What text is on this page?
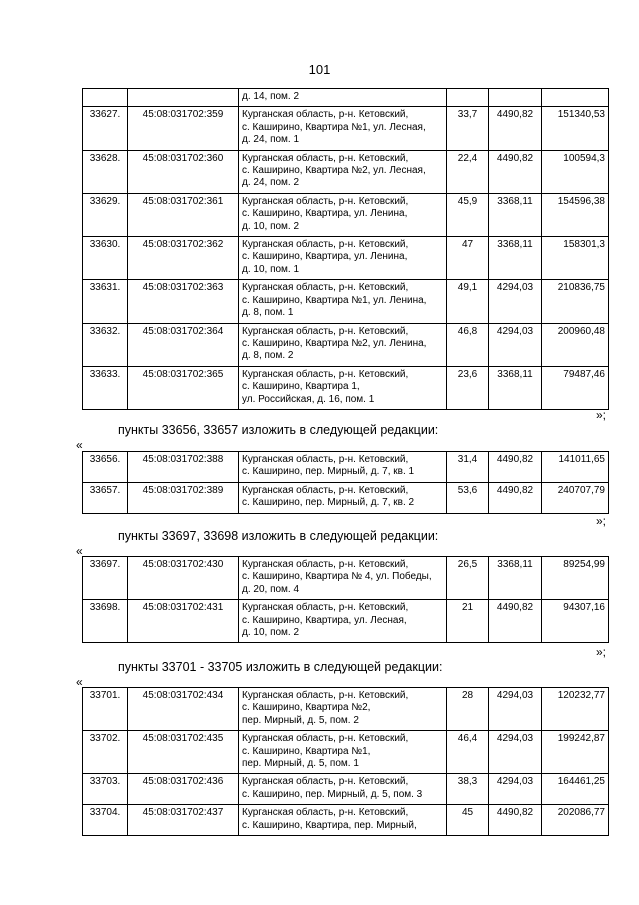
101
		д. 14, пом. 2			
33627.	45:08:031702:359	Курганская область, р-н. Кетовский,
с. Каширино, Квартира №1, ул. Лесная,
д. 24, пом. 1	33,7	4490,82	151340,53
33628.	45:08:031702:360	Курганская область, р-н. Кетовский,
с. Каширино, Квартира №2, ул. Лесная,
д. 24, пом. 2	22,4	4490,82	100594,3
33629.	45:08:031702:361	Курганская область, р-н. Кетовский,
с. Каширино, Квартира, ул. Ленина,
д. 10, пом. 2	45,9	3368,11	154596,38
33630.	45:08:031702:362	Курганская область, р-н. Кетовский,
с. Каширино, Квартира, ул. Ленина,
д. 10, пом. 1	47	3368,11	158301,3
33631.	45:08:031702:363	Курганская область, р-н. Кетовский,
с. Каширино, Квартира №1, ул. Ленина,
д. 8, пом. 1	49,1	4294,03	210836,75
33632.	45:08:031702:364	Курганская область, р-н. Кетовский,
с. Каширино, Квартира №2, ул. Ленина,
д. 8, пом. 2	46,8	4294,03	200960,48
33633.	45:08:031702:365	Курганская область, р-н. Кетовский,
с. Каширино, Квартира 1,
ул. Российская, д. 16, пом. 1	23,6	3368,11	79487,46
»;
пункты 33656, 33657 изложить в следующей редакции:
«
33656.	45:08:031702:388	Курганская область, р-н. Кетовский,
с. Каширино, пер. Мирный, д. 7, кв. 1	31,4	4490,82	141011,65
33657.	45:08:031702:389	Курганская область, р-н. Кетовский,
с. Каширино, пер. Мирный, д. 7, кв. 2	53,6	4490,82	240707,79
»;
пункты 33697, 33698 изложить в следующей редакции:
«
33697.	45:08:031702:430	Курганская область, р-н. Кетовский,
с. Каширино, Квартира № 4, ул. Победы,
д. 20, пом. 4	26,5	3368,11	89254,99
33698.	45:08:031702:431	Курганская область, р-н. Кетовский,
с. Каширино, Квартира, ул. Лесная,
д. 10, пом. 2	21	4490,82	94307,16
»;
пункты 33701 - 33705 изложить в следующей редакции:
«
33701.	45:08:031702:434	Курганская область, р-н. Кетовский,
с. Каширино, Квартира №2,
пер. Мирный, д. 5, пом. 2	28	4294,03	120232,77
33702.	45:08:031702:435	Курганская область, р-н. Кетовский,
с. Каширино, Квартира №1,
пер. Мирный, д. 5, пом. 1	46,4	4294,03	199242,87
33703.	45:08:031702:436	Курганская область, р-н. Кетовский,
с. Каширино, пер. Мирный, д. 5, пом. 3	38,3	4294,03	164461,25
33704.	45:08:031702:437	Курганская область, р-н. Кетовский,
с. Каширино, Квартира, пер. Мирный,	45	4490,82	202086,77
